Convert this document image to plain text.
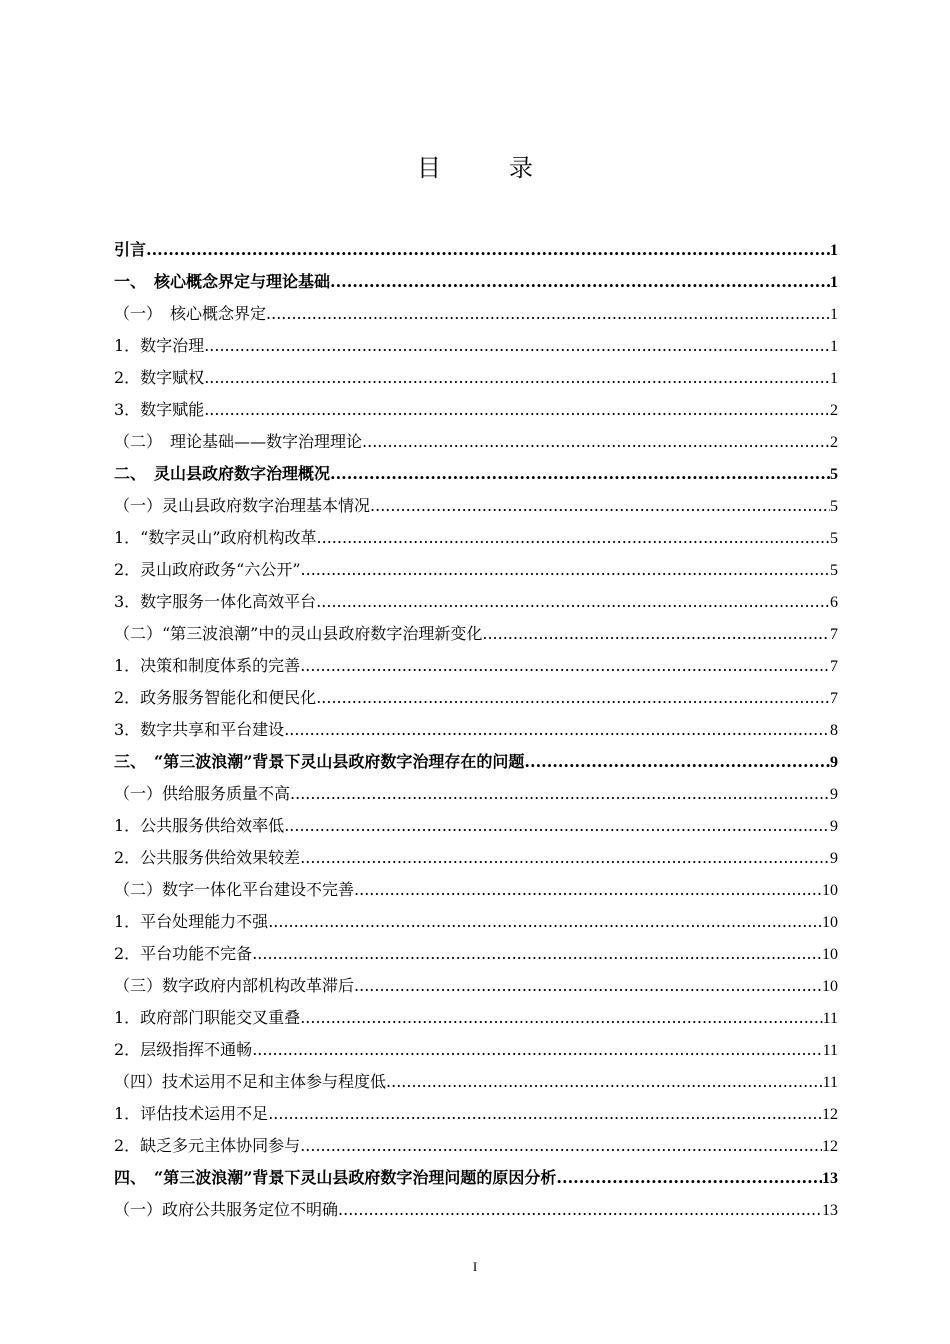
目　录
引言 .....	1
一、　核心概念界定与理论基础 .....	1
（一）　核心概念界定 .....	1
1．数字治理 .....	1
2．数字赋权 .....	1
3．数字赋能 .....	2
（二）　理论基础——数字治理理论 .....	2
二、　灵山县政府数字治理概况 .....	5
（一）灵山县政府数字治理基本情况 .....	5
1．“数字灵山”政府机构改革 .....	5
2．灵山政府政务“六公开” .....	5
3．数字服务一体化高效平台 .....	6
（二）“第三波浪潮”中的灵山县政府数字治理新变化 .....	7
1．决策和制度体系的完善 .....	7
2．政务服务智能化和便民化 .....	7
3．数字共享和平台建设 .....	8
三、　“第三波浪潮”背景下灵山县政府数字治理存在的问题 .....	9
（一）供给服务质量不高 .....	9
1．公共服务供给效率低 .....	9
2．公共服务供给效果较差 .....	9
（二）数字一体化平台建设不完善 .....	10
1．平台处理能力不强 .....	10
2．平台功能不完备 .....	10
（三）数字政府内部机构改革滞后 .....	10
1．政府部门职能交叉重叠 .....	11
2．层级指挥不通畅 .....	11
（四）技术运用不足和主体参与程度低 .....	11
1．评估技术运用不足 .....	12
2．缺乏多元主体协同参与 .....	12
四、　“第三波浪潮”背景下灵山县政府数字治理问题的原因分析 .....	13
（一）政府公共服务定位不明确 .....	13
I
